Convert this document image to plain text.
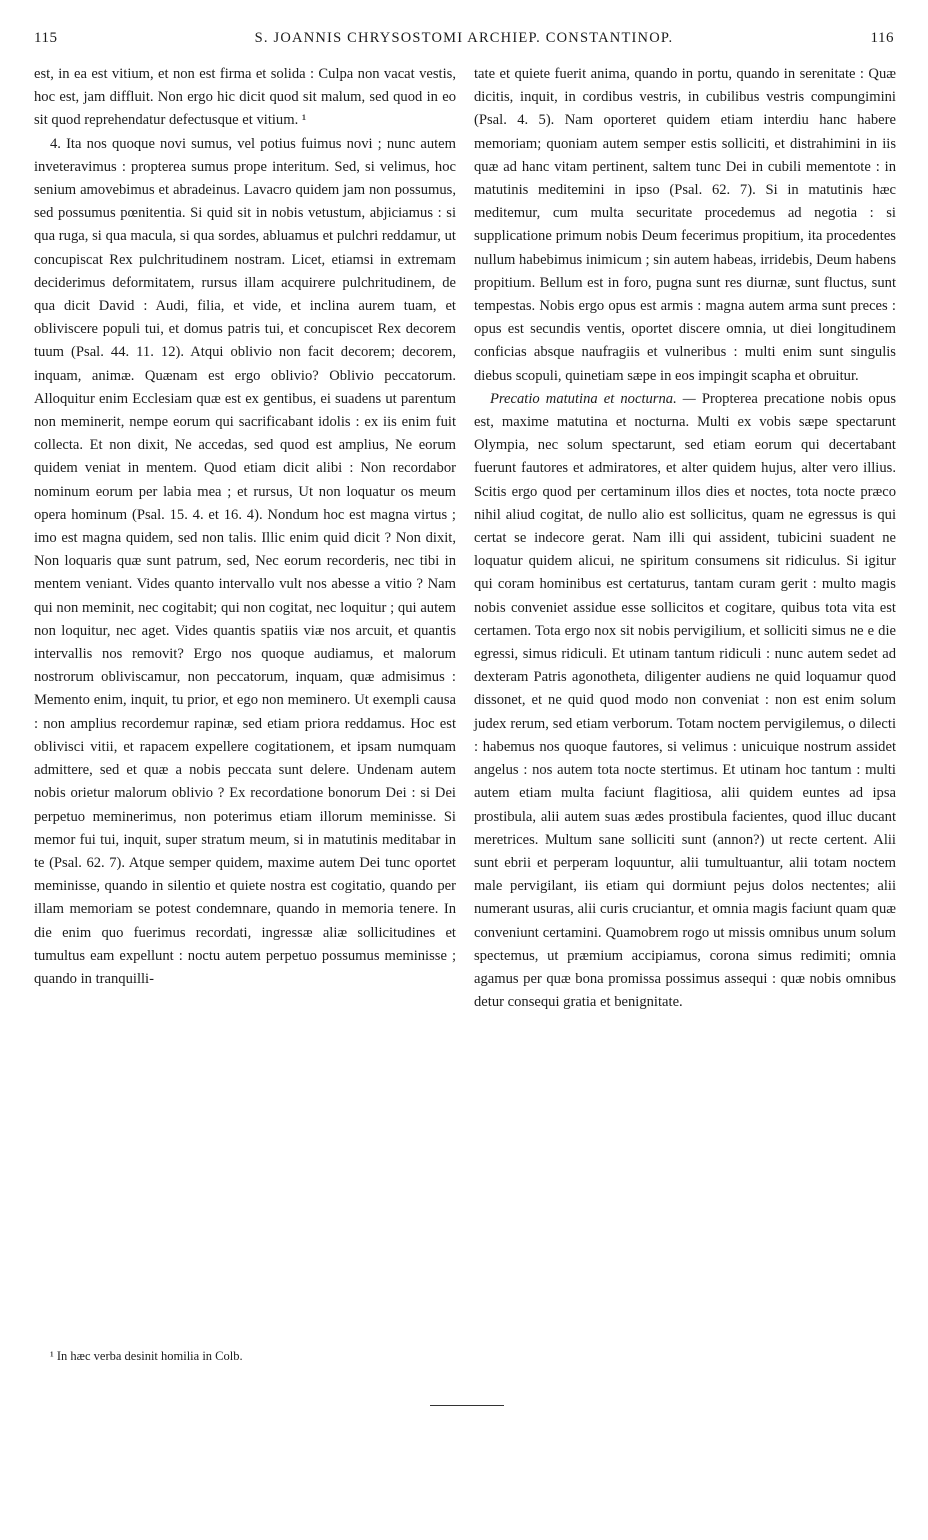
115	S. JOANNIS CHRYSOSTOMI ARCHIEP. CONSTANTINOP.	116

est, in ea est vitium, et non est firma et solida : Culpa non vacat vestis, hoc est, jam diffluit. Non ergo hic dicit quod sit malum, sed quod in eo sit quod reprehendatur defectusque et vitium. ¹

4. Ita nos quoque novi sumus, vel potius fuimus novi ; nunc autem inveteravimus : propterea sumus prope interitum. Sed, si velimus, hoc senium amovebimus et abradeinus. Lavacro quidem jam non possumus, sed possumus pœnitentia. Si quid sit in nobis vetustum, abjiciamus : si qua ruga, si qua macula, si qua sordes, abluamus et pulchri reddamur, ut concupiscat Rex pulchritudinem nostram. Licet, etiamsi in extremam deciderimus deformitatem, rursus illam acquirere pulchritudinem, de qua dicit David : Audi, filia, et vide, et inclina aurem tuam, et obliviscere populi tui, et domus patris tui, et concupiscet Rex decorem tuum (Psal. 44. 11. 12). Atqui oblivio non facit decorem; decorem, inquam, animæ. Quænam est ergo oblivio? Oblivio peccatorum. Alloquitur enim Ecclesiam quæ est ex gentibus, ei suadens ut parentum non meminerit, nempe eorum qui sacrificabant idolis : ex iis enim fuit collecta. Et non dixit, Ne accedas, sed quod est amplius, Ne eorum quidem veniat in mentem. Quod etiam dicit alibi : Non recordabor nominum eorum per labia mea ; et rursus, Ut non loquatur os meum opera hominum (Psal. 15. 4. et 16. 4). Nondum hoc est magna virtus ; imo est magna quidem, sed non talis. Illic enim quid dicit ? Non dixit, Non loquaris quæ sunt patrum, sed, Nec eorum recorderis, nec tibi in mentem veniant. Vides quanto intervallo vult nos abesse a vitio ? Nam qui non meminit, nec cogitabit; qui non cogitat, nec loquitur ; qui autem non loquitur, nec aget. Vides quantis spatiis viæ nos arcuit, et quantis intervallis nos removit? Ergo nos quoque audiamus, et malorum nostrorum obliviscamur, non peccatorum, inquam, quæ admisimus : Memento enim, inquit, tu prior, et ego non meminero. Ut exempli causa : non amplius recordemur rapinæ, sed etiam priora reddamus. Hoc est oblivisci vitii, et rapacem expellere cogitationem, et ipsam numquam admittere, sed et quæ a nobis peccata sunt delere. Undenam autem nobis orietur malorum oblivio ? Ex recordatione bonorum Dei : si Dei perpetuo meminerimus, non poterimus etiam illorum meminisse. Si memor fui tui, inquit, super stratum meum, si in matutinis meditabar in te (Psal. 62. 7). Atque semper quidem, maxime autem Dei tunc oportet meminisse, quando in silentio et quiete nostra est cogitatio, quando per illam memoriam se potest condemnare, quando in memoria tenere. In die enim quo fuerimus recordati, ingressæ aliæ sollicitudines et tumultus eam expellunt : noctu autem perpetuo possumus meminisse ; quando in tranquilli-

tate et quiete fuerit anima, quando in portu, quando in serenitate : Quæ dicitis, inquit, in cordibus vestris, in cubilibus vestris compungimini (Psal. 4. 5). Nam oporteret quidem etiam interdiu hanc habere memoriam; quoniam autem semper estis solliciti, et distrahimini in iis quæ ad hanc vitam pertinent, saltem tunc Dei in cubili mementote : in matutinis meditemini in ipso (Psal. 62. 7). Si in matutinis hæc meditemur, cum multa securitate procedemus ad negotia : si supplicatione primum nobis Deum fecerimus propitium, ita procedentes nullum habebimus inimicum ; sin autem habeas, irridebis, Deum habens propitium. Bellum est in foro, pugna sunt res diurnæ, sunt fluctus, sunt tempestas. Nobis ergo opus est armis : magna autem arma sunt preces : opus est secundis ventis, oportet discere omnia, ut diei longitudinem conficias absque naufragiis et vulneribus : multi enim sunt singulis diebus scopuli, quinetiam sæpe in eos impingit scapha et obruitur.

Precatio matutina et nocturna. — Propterea precatione nobis opus est, maxime matutina et nocturna. Multi ex vobis sæpe spectarunt Olympia, nec solum spectarunt, sed etiam eorum qui decertabant fuerunt fautores et admiratores, et alter quidem hujus, alter vero illius. Scitis ergo quod per certaminum illos dies et noctes, tota nocte præco nihil aliud cogitat, de nullo alio est sollicitus, quam ne egressus is qui certat se indecore gerat. Nam illi qui assident, tubicini suadent ne loquatur quidem alicui, ne spiritum consumens sit ridiculus. Si igitur qui coram hominibus est certaturus, tantam curam gerit : multo magis nobis conveniet assidue esse sollicitos et cogitare, quibus tota vita est certamen. Tota ergo nox sit nobis pervigilium, et solliciti simus ne e die egressi, simus ridiculi. Et utinam tantum ridiculi : nunc autem sedet ad dexteram Patris agonotheta, diligenter audiens ne quid loquamur quod dissonet, et ne quid quod modo non conveniat : non est enim solum judex rerum, sed etiam verborum. Totam noctem pervigilemus, o dilecti : habemus nos quoque fautores, si velimus : unicuique nostrum assidet angelus : nos autem tota nocte stertimus. Et utinam hoc tantum : multi autem etiam multa faciunt flagitiosa, alii quidem euntes ad ipsa prostibula, alii autem suas ædes prostibula facientes, quod illuc ducant meretrices. Multum sane solliciti sunt (annon?) ut recte certent. Alii sunt ebrii et perperam loquuntur, alii tumultuantur, alii totam noctem male pervigilant, iis etiam qui dormiunt pejus dolos nectentes; alii numerant usuras, alii curis cruciantur, et omnia magis faciunt quam quæ conveniunt certamini. Quamobrem rogo ut missis omnibus unum solum spectemus, ut præmium accipiamus, corona simus redimiti; omnia agamus per quæ bona promissa possimus assequi : quæ nobis omnibus detur consequi gratia et benignitate.

¹ In hæc verba desinit homilia in Colb.
